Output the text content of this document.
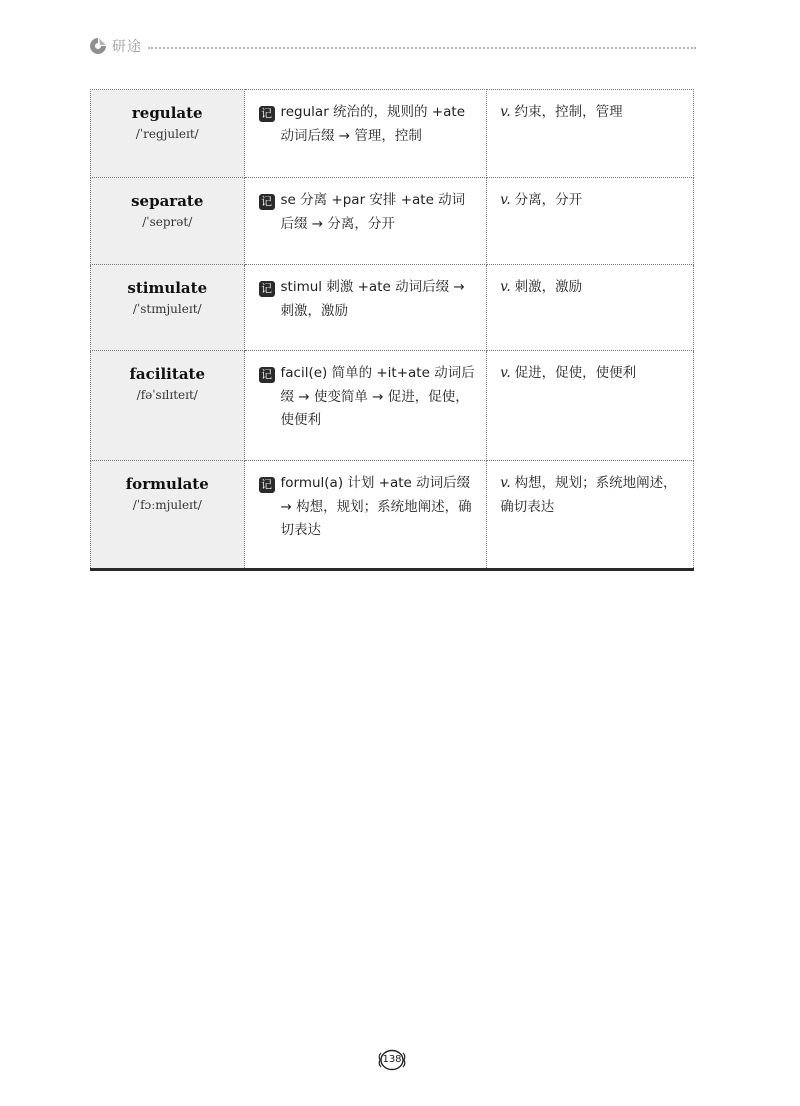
研途
regulate
/ˈregjuleɪt/	记 regular 统治的，规则的 +ate 动词后缀 → 管理，控制	v. 约束，控制，管理

separate
/ˈseprət/	记 se 分离 +par 安排 +ate 动词后缀 → 分离，分开	v. 分离，分开

stimulate
/ˈstɪmjuleɪt/	记 stimul 刺激 +ate 动词后缀 → 刺激，激励	v. 刺激，激励

facilitate
/fəˈsɪlɪteɪt/	记 facil(e) 简单的 +it+ate 动词后缀 → 使变简单 → 促进，促使，使便利	v. 促进，促使，使便利

formulate
/ˈfɔːmjuleɪt/	记 formul(a) 计划 +ate 动词后缀 → 构想，规划；系统地阐述，确切表达	v. 构想，规划；系统地阐述，确切表达
138
